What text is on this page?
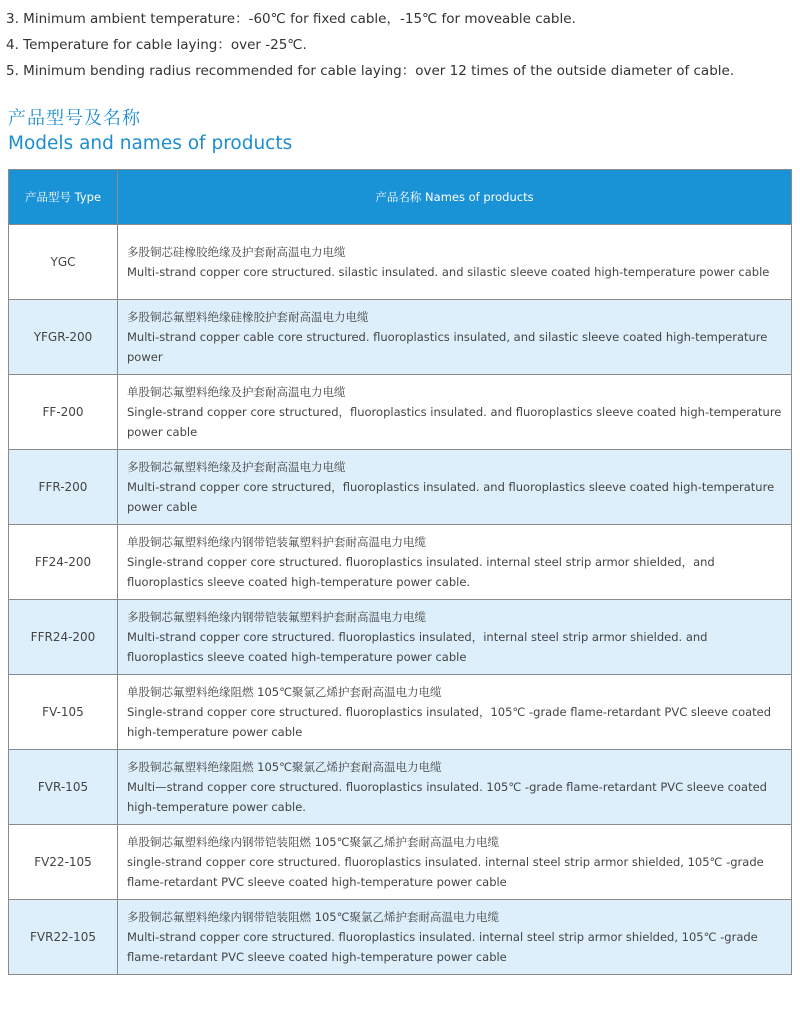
3. Minimum ambient temperature：-60℃ for fixed cable，-15℃ for moveable cable.
4. Temperature for cable laying：over -25℃.
5. Minimum bending radius recommended for cable laying：over 12 times of the outside diameter of cable.
产品型号及名称
Models and names of products
产品型号 Type	产品名称 Names of products
YGC	多股铜芯硅橡胶绝缘及护套耐高温电力电缆
Multi-strand copper core structured. silastic insulated. and silastic sleeve coated high-temperature power cable

YFGR-200	多股铜芯氟塑料绝缘硅橡胶护套耐高温电力电缆
Multi-strand copper cable core structured. fluoroplastics insulated, and silastic sleeve coated high-temperature power

FF-200	单股铜芯氟塑料绝缘及护套耐高温电力电缆
Single-strand copper core structured，fluoroplastics insulated. and fluoroplastics sleeve coated high-temperature power cable

FFR-200	多股铜芯氟塑料绝缘及护套耐高温电力电缆
Multi-strand copper core structured，fluoroplastics insulated. and fluoroplastics sleeve coated high-temperature power cable

FF24-200	单股铜芯氟塑料绝缘内钢带铠装氟塑料护套耐高温电力电缆
Single-strand copper core structured. fluoroplastics insulated. internal steel strip armor shielded，and fluoroplastics sleeve coated high-temperature power cable.

FFR24-200	多股铜芯氟塑料绝缘内钢带铠装氟塑料护套耐高温电力电缆
Multi-strand copper core structured. fluoroplastics insulated，internal steel strip armor shielded. and fluoroplastics sleeve coated high-temperature power cable

FV-105	单股铜芯氟塑料绝缘阻燃 105℃聚氯乙烯护套耐高温电力电缆
Single-strand copper core structured. fluoroplastics insulated，105℃ -grade flame-retardant PVC sleeve coated high-temperature power cable

FVR-105	多股铜芯氟塑料绝缘阻燃 105℃聚氯乙烯护套耐高温电力电缆
Multi—strand copper core structured. fluoroplastics insulated. 105℃ -grade flame-retardant PVC sleeve coated high-temperature power cable.

FV22-105	单股铜芯氟塑料绝缘内钢带铠装阻燃 105℃聚氯乙烯护套耐高温电力电缆
single-strand copper core structured. fluoroplastics insulated. internal steel strip armor shielded, 105℃ -grade flame-retardant PVC sleeve coated high-temperature power cable

FVR22-105	多股铜芯氟塑料绝缘内钢带铠装阻燃 105℃聚氯乙烯护套耐高温电力电缆
Multi-strand copper core structured. fluoroplastics insulated. internal steel strip armor shielded, 105℃ -grade flame-retardant PVC sleeve coated high-temperature power cable
